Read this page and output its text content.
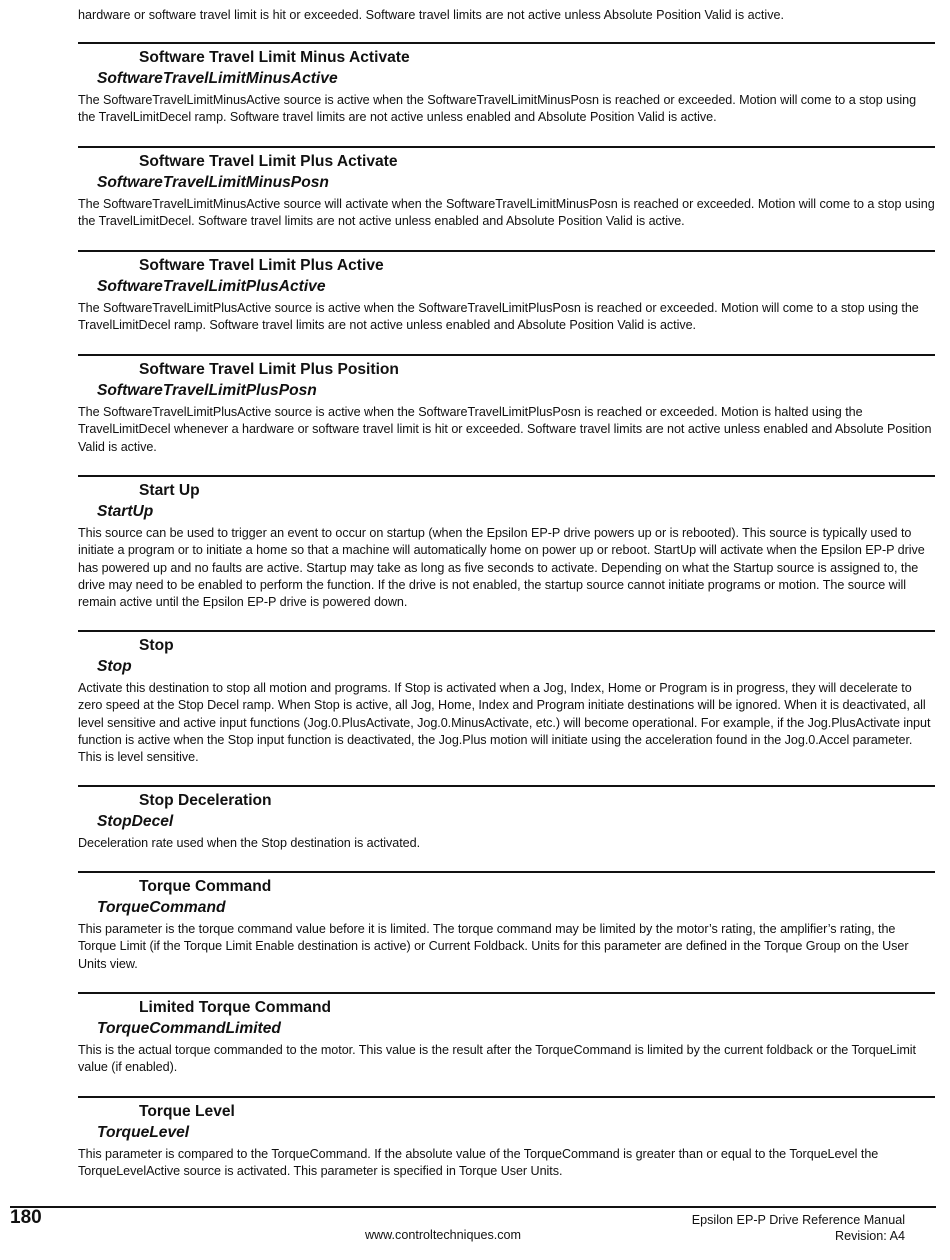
hardware or software travel limit is hit or exceeded. Software travel limits are not active unless Absolute Position Valid is active.

Software Travel Limit Minus Activate
SoftwareTravelLimitMinusActive

The SoftwareTravelLimitMinusActive source is active when the SoftwareTravelLimitMinusPosn is reached or exceeded. Motion will come to a stop using the TravelLimitDecel ramp. Software travel limits are not active unless enabled and Absolute Position Valid is active.

Software Travel Limit Plus Activate
SoftwareTravelLimitMinusPosn

The SoftwareTravelLimitMinusActive source will activate when the SoftwareTravelLimitMinusPosn is reached or exceeded. Motion will come to a stop using the TravelLimitDecel. Software travel limits are not active unless enabled and Absolute Position Valid is active.

Software Travel Limit Plus Active
SoftwareTravelLimitPlusActive

The SoftwareTravelLimitPlusActive source is active when the SoftwareTravelLimitPlusPosn is reached or exceeded. Motion will come to a stop using the TravelLimitDecel ramp. Software travel limits are not active unless enabled and Absolute Position Valid is active.

Software Travel Limit Plus Position
SoftwareTravelLimitPlusPosn

The SoftwareTravelLimitPlusActive source is active when the SoftwareTravelLimitPlusPosn is reached or exceeded. Motion is halted using the TravelLimitDecel whenever a hardware or software travel limit is hit or exceeded. Software travel limits are not active unless enabled and Absolute Position Valid is active.

Start Up
StartUp

This source can be used to trigger an event to occur on startup (when the Epsilon EP-P drive powers up or is rebooted). This source is typically used to initiate a program or to initiate a home so that a machine will automatically home on power up or reboot. StartUp will activate when the Epsilon EP-P drive has powered up and no faults are active. Startup may take as long as five seconds to activate. Depending on what the Startup source is assigned to, the drive may need to be enabled to perform the function. If the drive is not enabled, the startup source cannot initiate programs or motion. The source will remain active until the Epsilon EP-P drive is powered down.

Stop
Stop

Activate this destination to stop all motion and programs. If Stop is activated when a Jog, Index, Home or Program is in progress, they will decelerate to zero speed at the Stop Decel ramp. When Stop is active, all Jog, Home, Index and Program initiate destinations will be ignored. When it is deactivated, all level sensitive and active input functions (Jog.0.PlusActivate, Jog.0.MinusActivate, etc.) will become operational. For example, if the Jog.PlusActivate input function is active when the Stop input function is deactivated, the Jog.Plus motion will initiate using the acceleration found in the Jog.0.Accel parameter. This is level sensitive.

Stop Deceleration
StopDecel

Deceleration rate used when the Stop destination is activated.

Torque Command
TorqueCommand

This parameter is the torque command value before it is limited. The torque command may be limited by the motor’s rating, the amplifier’s rating, the Torque Limit (if the Torque Limit Enable destination is active) or Current Foldback. Units for this parameter are defined in the Torque Group on the User Units view.

Limited Torque Command
TorqueCommandLimited

This is the actual torque commanded to the motor. This value is the result after the TorqueCommand is limited by the current foldback or the TorqueLimit value (if enabled).

Torque Level
TorqueLevel

This parameter is compared to the TorqueCommand. If the absolute value of the TorqueCommand is greater than or equal to the TorqueLevel the TorqueLevelActive source is activated. This parameter is specified in Torque User Units.

180
www.controltechniques.com
Epsilon EP-P Drive Reference Manual
Revision: A4
